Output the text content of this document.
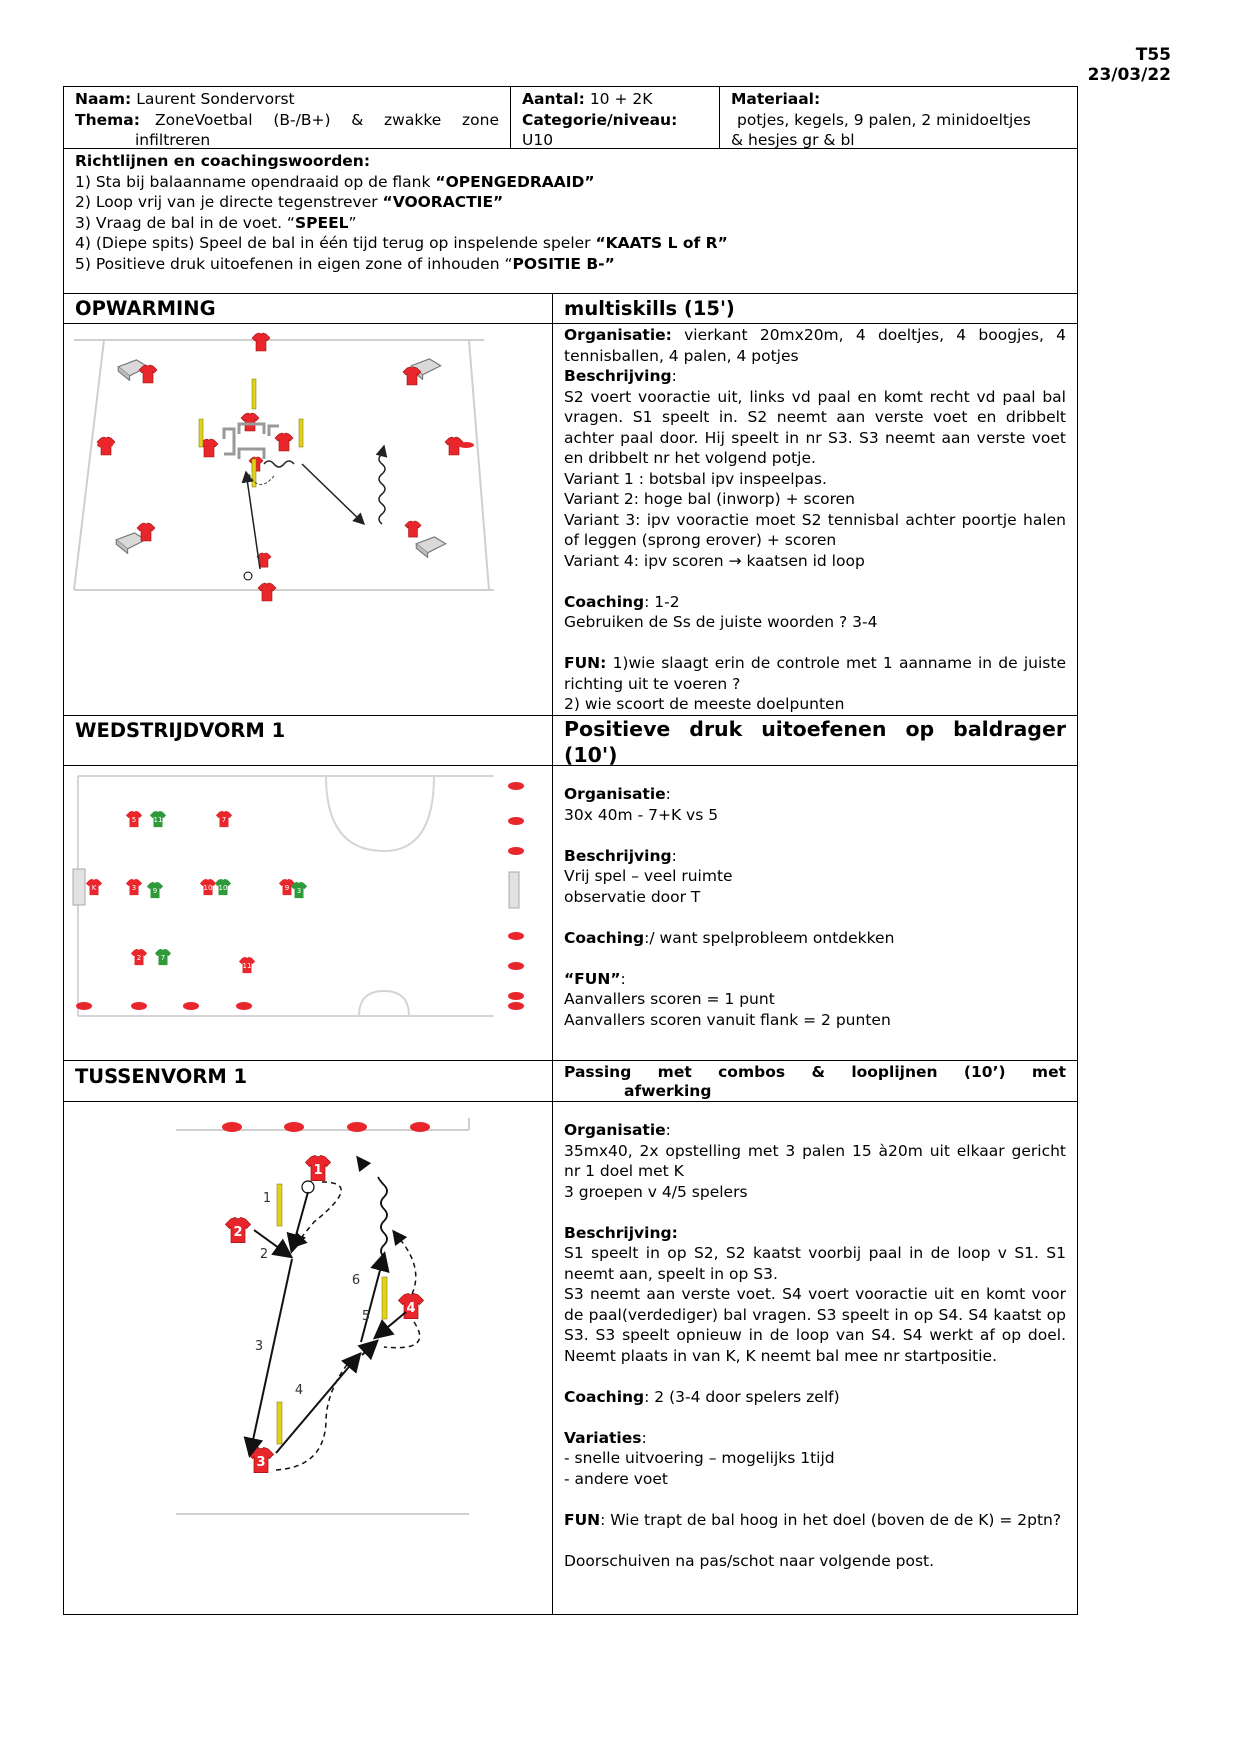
T55
23/03/22
Naam: Laurent Sondervorst
Thema: ZoneVoetbal (B-/B+) & zwakke zone
infiltreren
Aantal: 10 + 2K
Categorie/niveau:
U10
Materiaal:
potjes, kegels, 9 palen, 2 minidoeltjes
& hesjes gr & bl
Richtlijnen en coachingswoorden:
1) Sta bij balaanname opendraaid op de flank “OPENGEDRAAID”
2) Loop vrij van je directe tegenstrever “VOORACTIE”
3) Vraag de bal in de voet. “SPEEL”
4) (Diepe spits) Speel de bal in één tijd terug op inspelende speler “KAATS L of R”
5) Positieve druk uitoefenen in eigen zone of inhouden “POSITIE B-”
OPWARMING	multiskills (15')
Organisatie: vierkant 20mx20m, 4 doeltjes, 4 boogjes, 4 tennisballen, 4 palen, 4 potjes
Beschrijving:
S2 voert vooractie uit, links vd paal en komt recht vd paal bal vragen. S1 speelt in. S2 neemt aan verste voet en dribbelt achter paal door. Hij speelt in nr S3. S3 neemt aan verste voet en dribbelt nr het volgend potje.
Variant 1 : botsbal ipv inspeelpas.
Variant 2: hoge bal (inworp) + scoren
Variant 3: ipv vooractie moet S2 tennisbal achter poortje halen of leggen (sprong erover) + scoren
Variant 4: ipv scoren → kaatsen id loop
Coaching: 1-2
Gebruiken de Ss de juiste woorden ? 3-4
FUN: 1)wie slaagt erin de controle met 1 aanname in de juiste richting uit te voeren ?
2) wie scoort de meeste doelpunten
WEDSTRIJDVORM 1	Positieve druk uitoefenen op baldrager (10')
5 11	7
K	3 9	10 10	9 3
2	7
11
Organisatie:
30x 40m - 7+K vs 5
Beschrijving:
Vrij spel – veel ruimte
observatie door T
Coaching:/ want spelprobleem ontdekken
“FUN”:
Aanvallers scoren = 1 punt
Aanvallers scoren vanuit flank = 2 punten
TUSSENVORM 1	Passing met combos & looplijnen (10’) met
afwerking
1
2
3
4
1
2
3
4
5
6
Organisatie:
35mx40, 2x opstelling met 3 palen 15 à20m uit elkaar gericht nr 1 doel met K
3 groepen v 4/5 spelers
Beschrijving:
S1 speelt in op S2, S2 kaatst voorbij paal in de loop v S1. S1 neemt aan, speelt in op S3.
S3 neemt aan verste voet. S4 voert vooractie uit en komt voor de paal(verdediger) bal vragen. S3 speelt in op S4. S4 kaatst op S3. S3 speelt opnieuw in de loop van S4. S4 werkt af op doel. Neemt plaats in van K, K neemt bal mee nr startpositie.
Coaching: 2 (3-4 door spelers zelf)
Variaties:
- snelle uitvoering – mogelijks 1tijd
- andere voet
FUN: Wie trapt de bal hoog in het doel (boven de de K) = 2ptn?
Doorschuiven na pas/schot naar volgende post.
